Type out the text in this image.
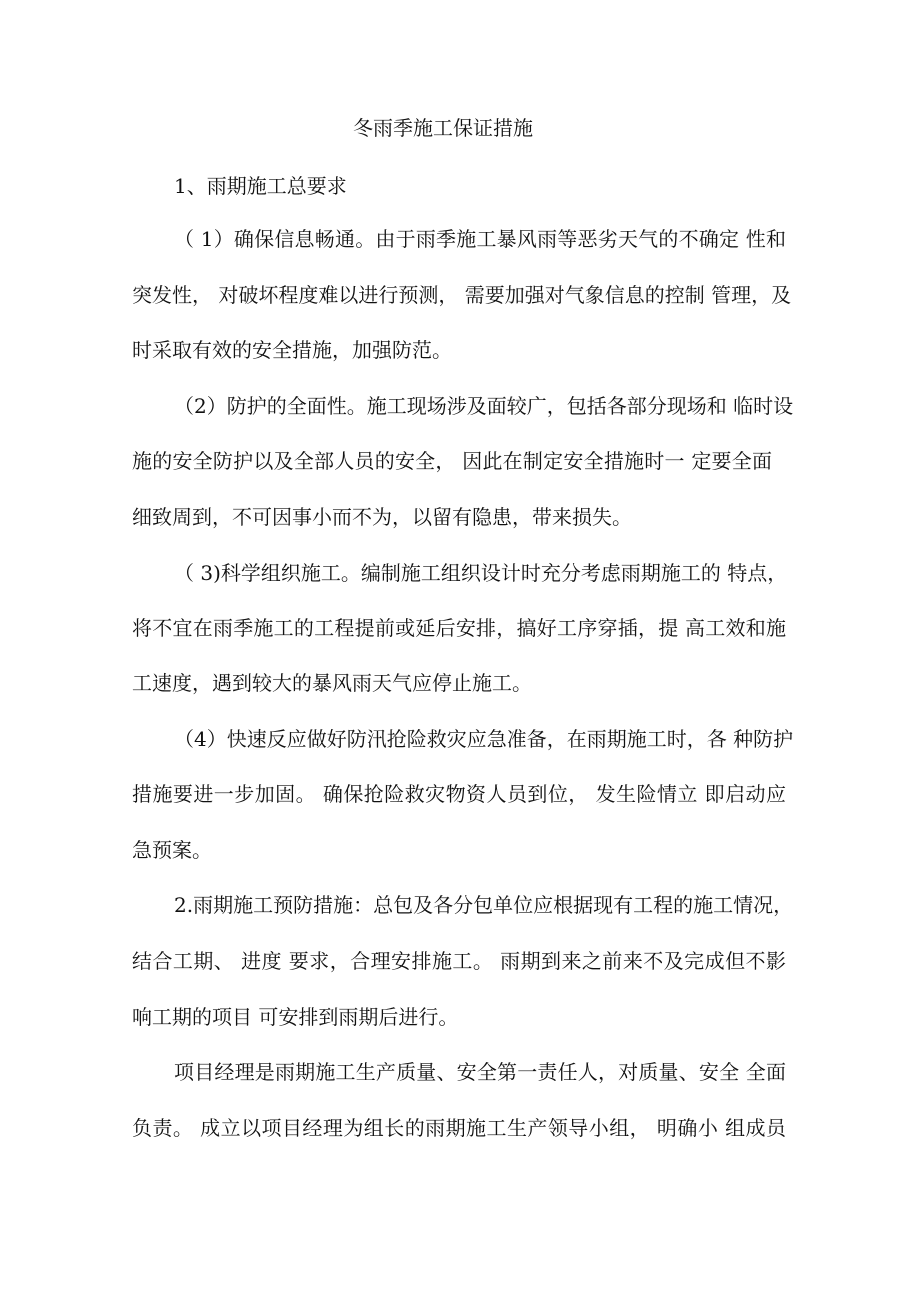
冬雨季施工保证措施
1、雨期施工总要求
（ 1）确保信息畅通。由于雨季施工暴风雨等恶劣天气的不确定 性和
突发性， 对破坏程度难以进行预测， 需要加强对气象信息的控制 管理，及
时采取有效的安全措施，加强防范。
（2）防护的全面性。施工现场涉及面较广，包括各部分现场和 临时设
施的安全防护以及全部人员的安全， 因此在制定安全措施时一 定要全面
细致周到，不可因事小而不为，以留有隐患，带来损失。
（ 3)科学组织施工。编制施工组织设计时充分考虑雨期施工的 特点，
将不宜在雨季施工的工程提前或延后安排，搞好工序穿插，提 高工效和施
工速度，遇到较大的暴风雨天气应停止施工。
（4）快速反应做好防汛抢险救灾应急准备，在雨期施工时，各 种防护
措施要进一步加固。 确保抢险救灾物资人员到位， 发生险情立 即启动应
急预案。
2.雨期施工预防措施：总包及各分包单位应根据现有工程的施工情况，
结合工期、 进度 要求，合理安排施工。 雨期到来之前来不及完成但不影
响工期的项目 可安排到雨期后进行。
项目经理是雨期施工生产质量、安全第一责任人，对质量、安全 全面
负责。 成立以项目经理为组长的雨期施工生产领导小组， 明确小 组成员
